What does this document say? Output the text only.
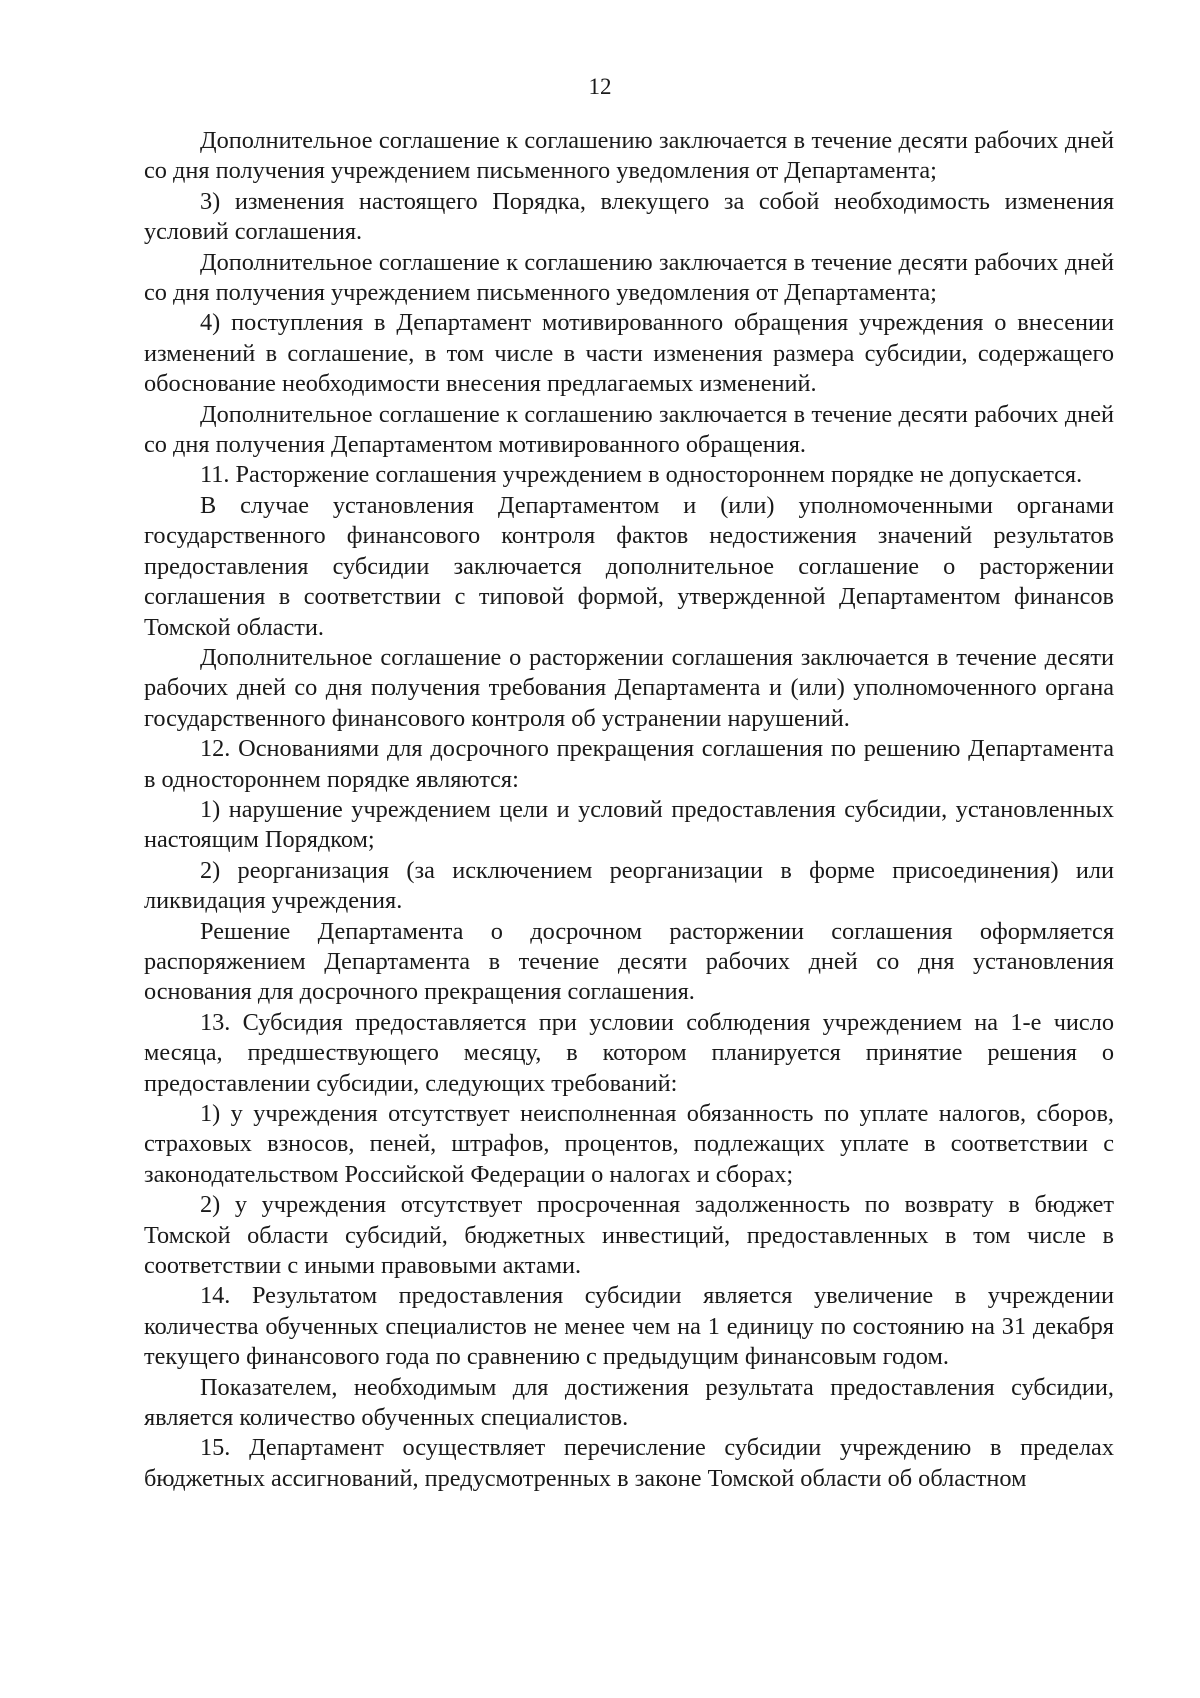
12

Дополнительное соглашение к соглашению заключается в течение десяти рабочих дней со дня получения учреждением письменного уведомления от Департамента;

3) изменения настоящего Порядка, влекущего за собой необходимость изменения условий соглашения.

Дополнительное соглашение к соглашению заключается в течение десяти рабочих дней со дня получения учреждением письменного уведомления от Департамента;

4) поступления в Департамент мотивированного обращения учреждения о внесении изменений в соглашение, в том числе в части изменения размера субсидии, содержащего обоснование необходимости внесения предлагаемых изменений.

Дополнительное соглашение к соглашению заключается в течение десяти рабочих дней со дня получения Департаментом мотивированного обращения.

11. Расторжение соглашения учреждением в одностороннем порядке не допускается.

В случае установления Департаментом и (или) уполномоченными органами государственного финансового контроля фактов недостижения значений результатов предоставления субсидии заключается дополнительное соглашение о расторжении соглашения в соответствии с типовой формой, утвержденной Департаментом финансов Томской области.

Дополнительное соглашение о расторжении соглашения заключается в течение десяти рабочих дней со дня получения требования Департамента и (или) уполномоченного органа государственного финансового контроля об устранении нарушений.

12. Основаниями для досрочного прекращения соглашения по решению Департамента в одностороннем порядке являются:

1) нарушение учреждением цели и условий предоставления субсидии, установленных настоящим Порядком;

2) реорганизация (за исключением реорганизации в форме присоединения) или ликвидация учреждения.

Решение Департамента о досрочном расторжении соглашения оформляется распоряжением Департамента в течение десяти рабочих дней со дня установления основания для досрочного прекращения соглашения.

13. Субсидия предоставляется при условии соблюдения учреждением на 1-е число месяца, предшествующего месяцу, в котором планируется принятие решения о предоставлении субсидии, следующих требований:

1) у учреждения отсутствует неисполненная обязанность по уплате налогов, сборов, страховых взносов, пеней, штрафов, процентов, подлежащих уплате в соответствии с законодательством Российской Федерации о налогах и сборах;

2) у учреждения отсутствует просроченная задолженность по возврату в бюджет Томской области субсидий, бюджетных инвестиций, предоставленных в том числе в соответствии с иными правовыми актами.

14. Результатом предоставления субсидии является увеличение в учреждении количества обученных специалистов не менее чем на 1 единицу по состоянию на 31 декабря текущего финансового года по сравнению с предыдущим финансовым годом.

Показателем, необходимым для достижения результата предоставления субсидии, является количество обученных специалистов.

15. Департамент осуществляет перечисление субсидии учреждению в пределах бюджетных ассигнований, предусмотренных в законе Томской области об областном
